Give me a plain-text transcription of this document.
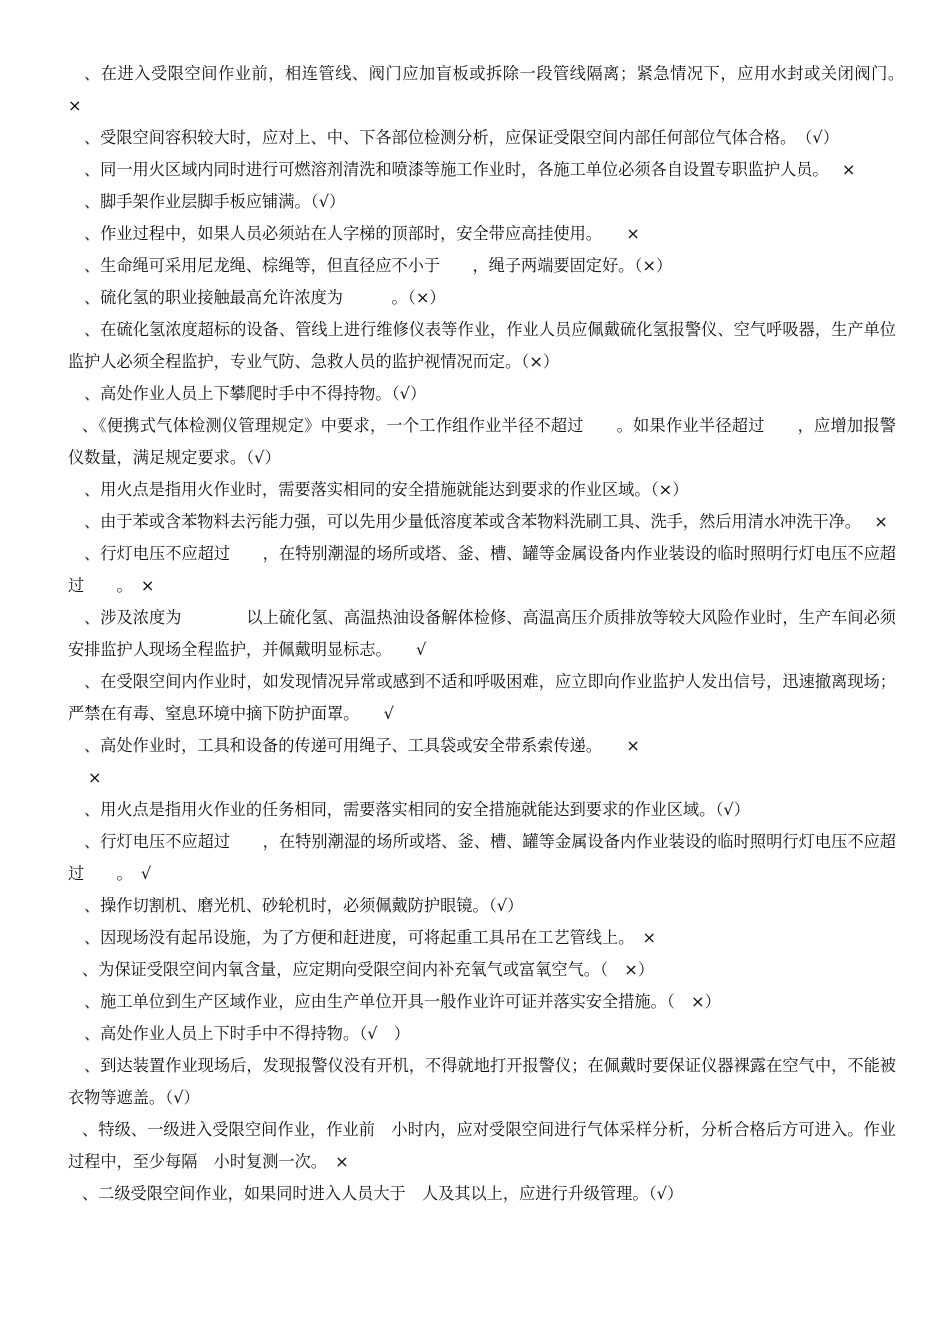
、在进入受限空间作业前，相连管线、阀门应加盲板或拆除一段管线隔离；紧急情况下，应用水封或关闭阀门。　 ×

、受限空间容积较大时，应对上、中、下各部位检测分析，应保证受限空间内部任何部位气体合格。　（√）

、同一用火区域内同时进行可燃溶剂清洗和喷漆等施工作业时，各施工单位必须各自设置专职监护人员。　 ×

、脚手架作业层脚手板应铺满。（√）

、作业过程中，如果人员必须站在人字梯的顶部时，安全带应高挂使用。　　×

、生命绳可采用尼龙绳、棕绳等，但直径应不小于　　，绳子两端要固定好。（×）

、硫化氢的职业接触最高允许浓度为　　　。（×）

、在硫化氢浓度超标的设备、管线上进行维修仪表等作业，作业人员应佩戴硫化氢报警仪、空气呼吸器，生产单位监护人必须全程监护，专业气防、急救人员的监护视情况而定。（×）

、高处作业人员上下攀爬时手中不得持物。（√）

、《便携式气体检测仪管理规定》中要求，一个工作组作业半径不超过　　。如果作业半径超过　　，应增加报警仪数量，满足规定要求。（√）

、用火点是指用火作业时，需要落实相同的安全措施就能达到要求的作业区域。（×）

、由于苯或含苯物料去污能力强，可以先用少量低溶度苯或含苯物料洗刷工具、洗手，然后用清水冲洗干净。　 ×

、行灯电压不应超过　　，在特别潮湿的场所或塔、釜、槽、罐等金属设备内作业装设的临时照明行灯电压不应超过　　。　×

、涉及浓度为　　　　以上硫化氢、高温热油设备解体检修、高温高压介质排放等较大风险作业时，生产车间必须安排监护人现场全程监护，并佩戴明显标志。　　√

、在受限空间内作业时，如发现情况异常或感到不适和呼吸困难，应立即向作业监护人发出信号，迅速撤离现场；严禁在有毒、窒息环境中摘下防护面罩。　　√

、高处作业时，工具和设备的传递可用绳子、工具袋或安全带系索传递。　　×

×

、用火点是指用火作业的任务相同，需要落实相同的安全措施就能达到要求的作业区域。（√）

、行灯电压不应超过　　，在特别潮湿的场所或塔、釜、槽、罐等金属设备内作业装设的临时照明行灯电压不应超过　　。　√

、操作切割机、磨光机、砂轮机时，必须佩戴防护眼镜。（√）

、因现场没有起吊设施，为了方便和赶进度，可将起重工具吊在工艺管线上。　×

、为保证受限空间内氧含量，应定期向受限空间内补充氧气或富氧空气。（　×）

、施工单位到生产区域作业，应由生产单位开具一般作业许可证并落实安全措施。（　×）

、高处作业人员上下时手中不得持物。（√　）

、到达装置作业现场后，发现报警仪没有开机，不得就地打开报警仪；在佩戴时要保证仪器裸露在空气中，不能被衣物等遮盖。（√）

、特级、一级进入受限空间作业，作业前　小时内，应对受限空间进行气体采样分析，分析合格后方可进入。作业过程中，至少每隔　小时复测一次。　×

、二级受限空间作业，如果同时进入人员大于　人及其以上，应进行升级管理。（√）
